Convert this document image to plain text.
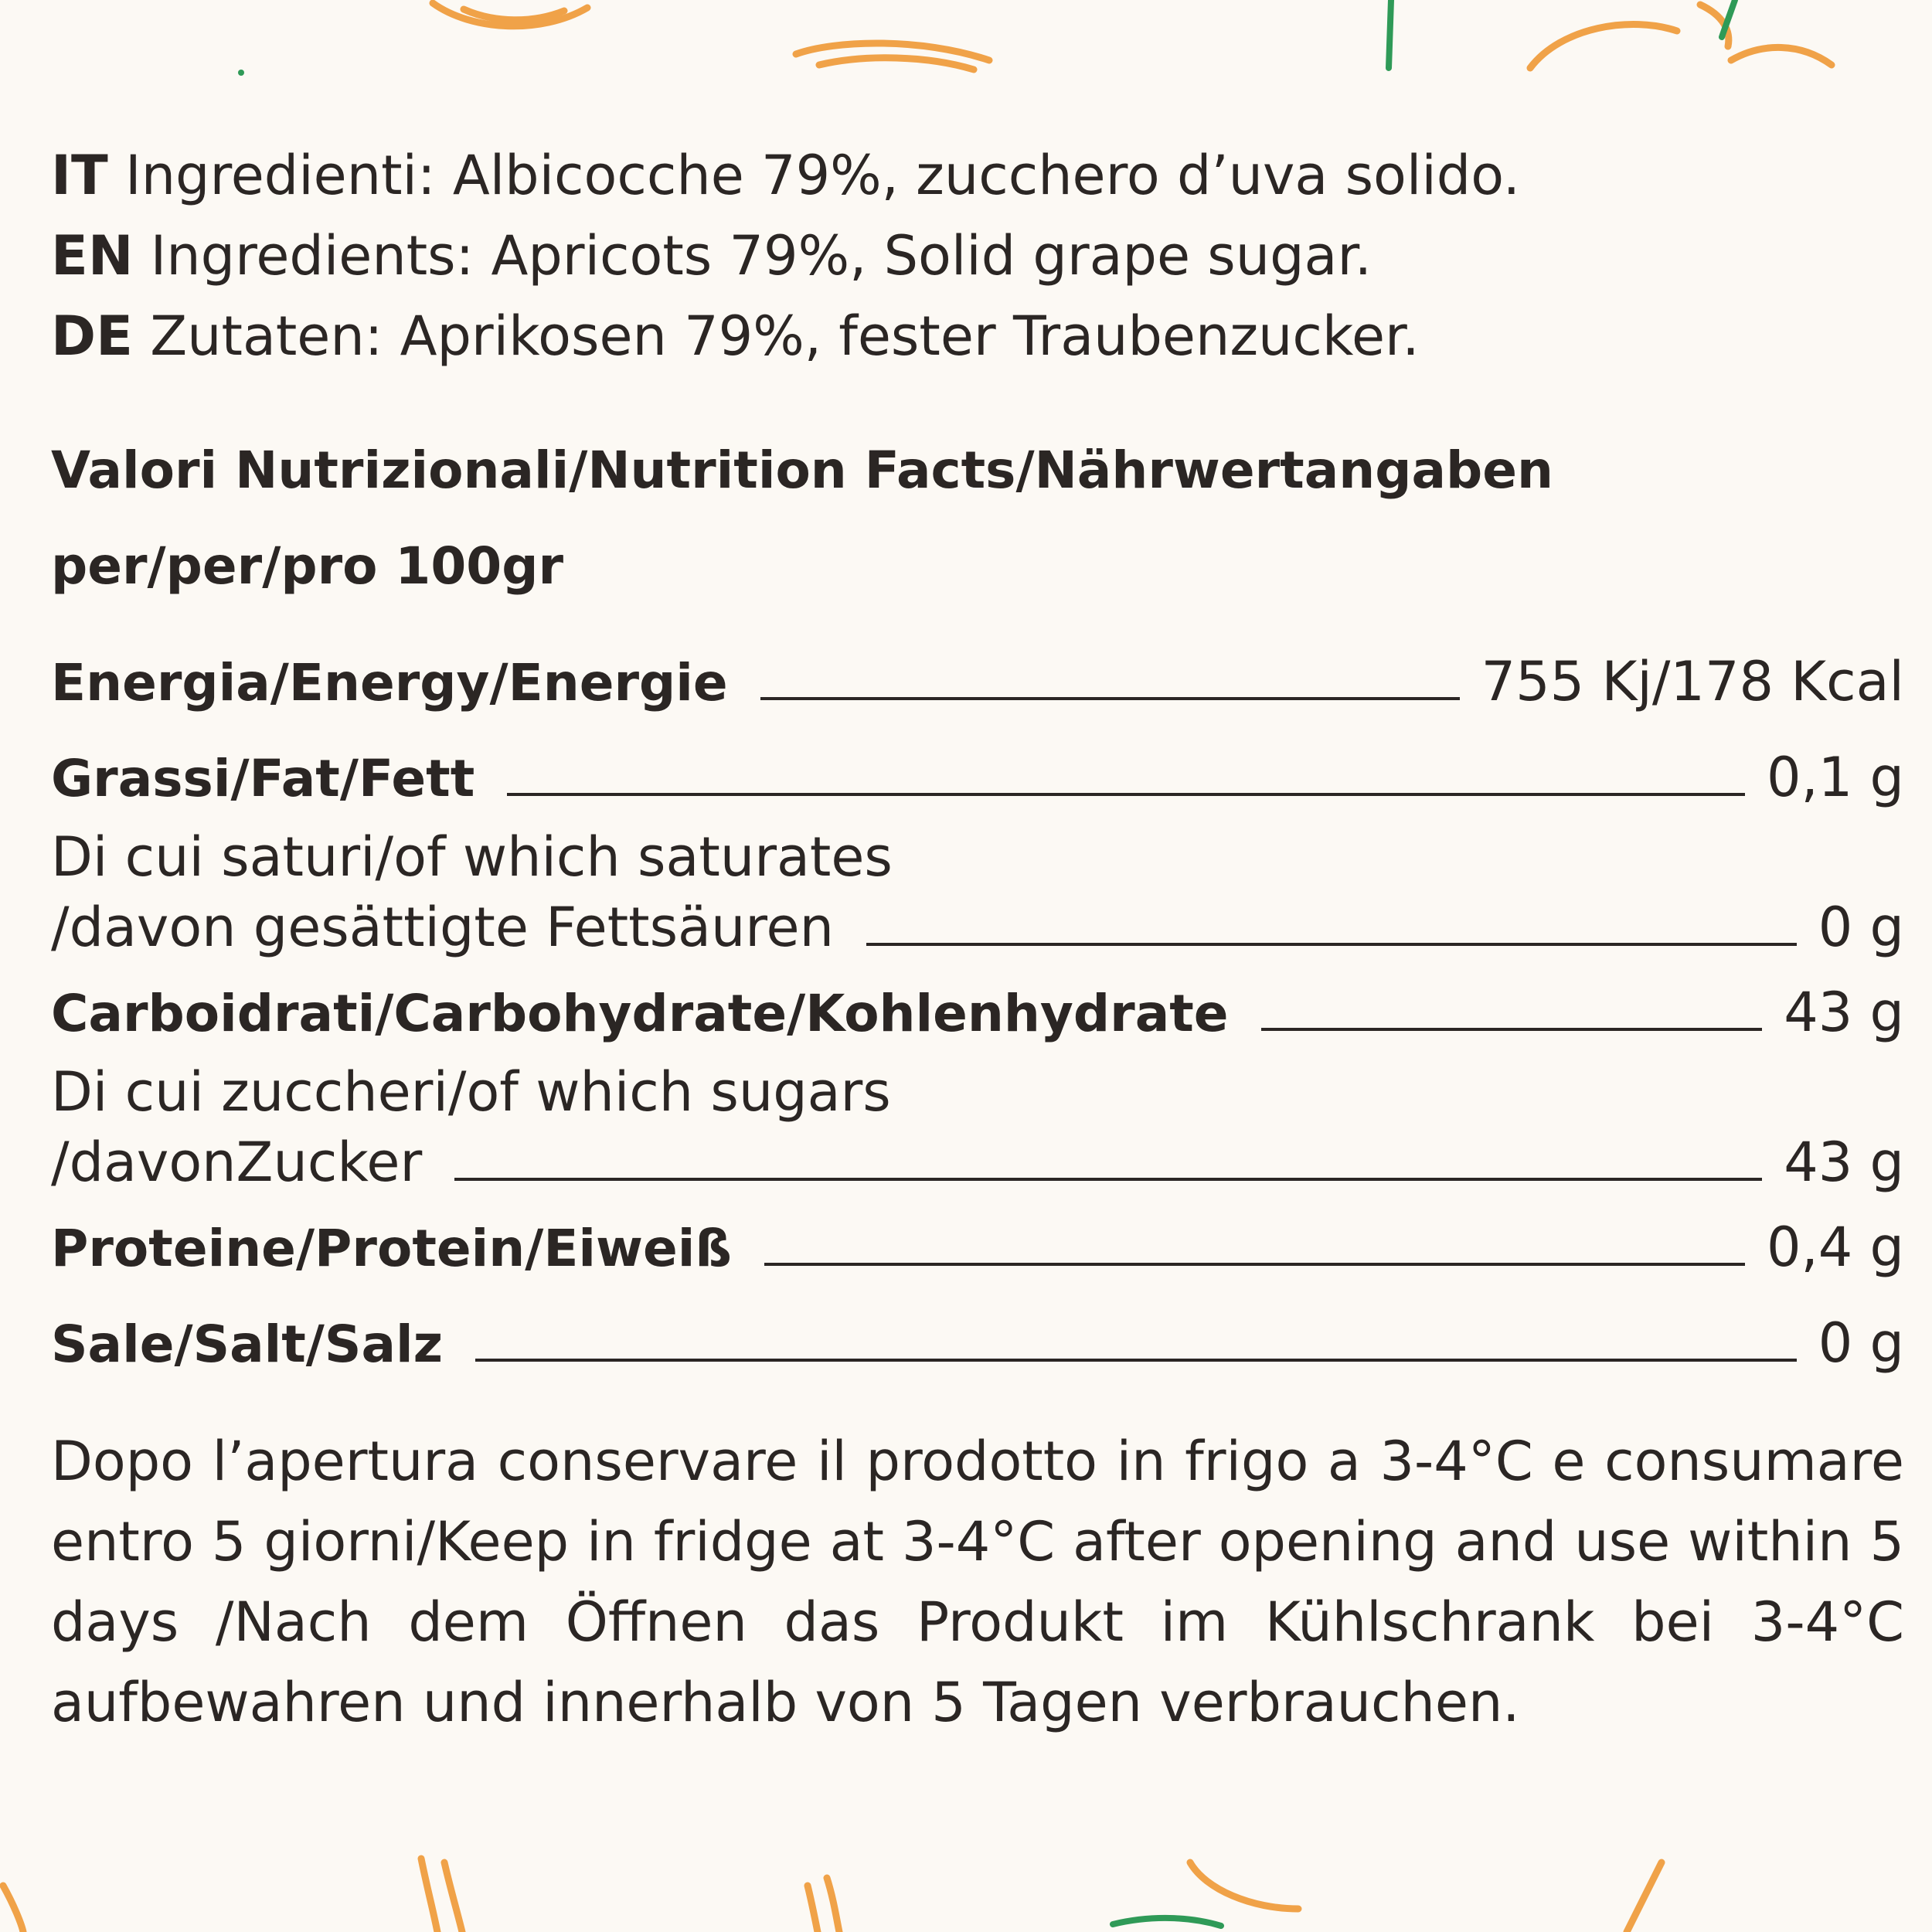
IT Ingredienti: Albicocche 79%, zucchero d’uva solido.
EN Ingredients: Apricots 79%, Solid grape sugar.
DE Zutaten: Aprikosen 79%, fester Traubenzucker.
Valori Nutrizionali/Nutrition Facts/Nährwertangaben
per/per/pro 100gr
Energia/Energy/Energie	755 Kj/178 Kcal
Grassi/Fat/Fett	0,1 g
Di cui saturi/of which saturates
/davon gesättigte Fettsäuren	0 g
Carboidrati/Carbohydrate/Kohlenhydrate	43 g
Di cui zuccheri/of which sugars
/davonZucker	43 g
Proteine/Protein/Eiweiß	0,4 g
Sale/Salt/Salz	0 g
Dopo l’apertura conservare il prodotto in frigo a 3-4°C e consumare entro 5 giorni/Keep in fridge at 3-4°C after opening and use within 5 days /Nach dem Öffnen das Produkt im Kühlschrank bei 3-4°C aufbewahren und innerhalb von 5 Tagen verbrauchen.
